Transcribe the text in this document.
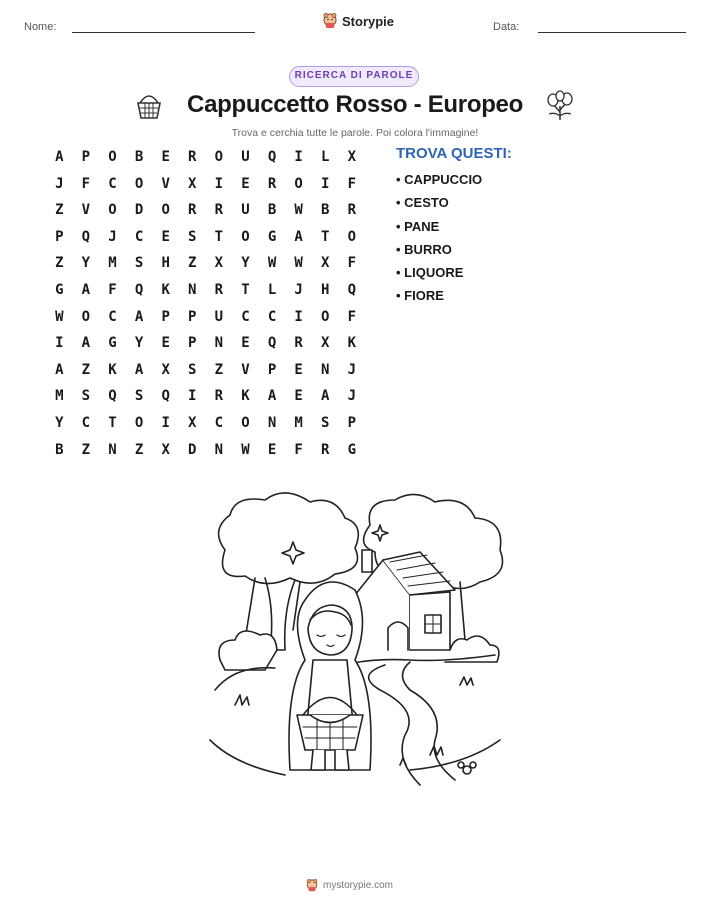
Nome:	Storypie	Data:
RICERCA DI PAROLE
Cappuccetto Rosso - Europeo
Trova e cerchia tutte le parole. Poi colora l'immagine!
A	P	O	B	E	R	O	U	Q	I	L	X
J	F	C	O	V	X	I	E	R	O	I	F
Z	V	O	D	O	R	R	U	B	W	B	R
P	Q	J	C	E	S	T	O	G	A	T	O
Z	Y	M	S	H	Z	X	Y	W	W	X	F
G	A	F	Q	K	N	R	T	L	J	H	Q
W	O	C	A	P	P	U	C	C	I	O	F
I	A	G	Y	E	P	N	E	Q	R	X	K
A	Z	K	A	X	S	Z	V	P	E	N	J
M	S	Q	S	Q	I	R	K	A	E	A	J
Y	C	T	O	I	X	C	O	N	M	S	P
B	Z	N	Z	X	D	N	W	E	F	R	G
TROVA QUESTI:
• CAPPUCCIO
• CESTO
• PANE
• BURRO
• LIQUORE
• FIORE
mystorypie.com
